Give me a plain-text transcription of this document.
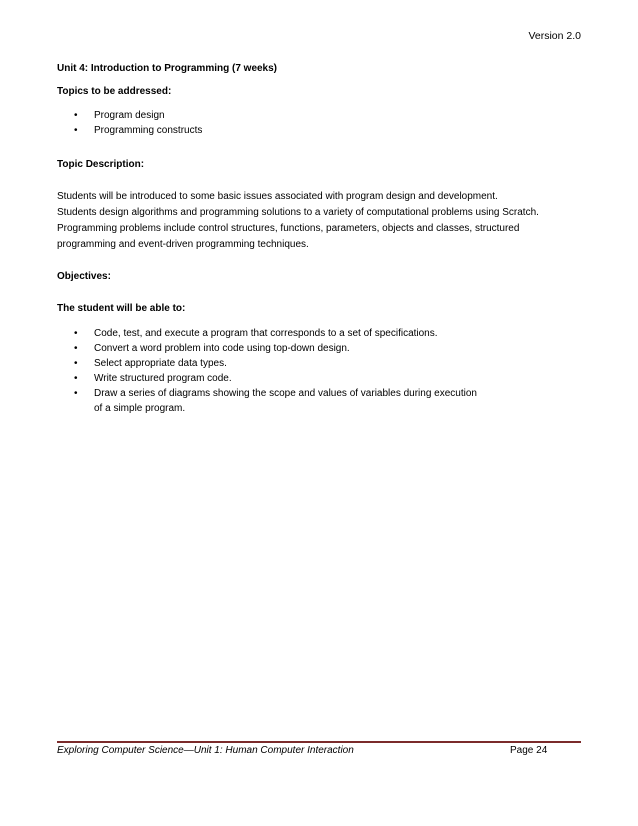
Version 2.0

Unit 4: Introduction to Programming (7 weeks)

Topics to be addressed:

• Program design
• Programming constructs

Topic Description:

Students will be introduced to some basic issues associated with program design and development.
Students design algorithms and programming solutions to a variety of computational problems using Scratch.
Programming problems include control structures, functions, parameters, objects and classes, structured
programming and event-driven programming techniques.

Objectives:

The student will be able to:

• Code, test, and execute a program that corresponds to a set of specifications.
• Convert a word problem into code using top-down design.
• Select appropriate data types.
• Write structured program code.
• Draw a series of diagrams showing the scope and values of variables during execution
of a simple program.
Exploring Computer Science—Unit 1: Human Computer Interaction	Page 24
